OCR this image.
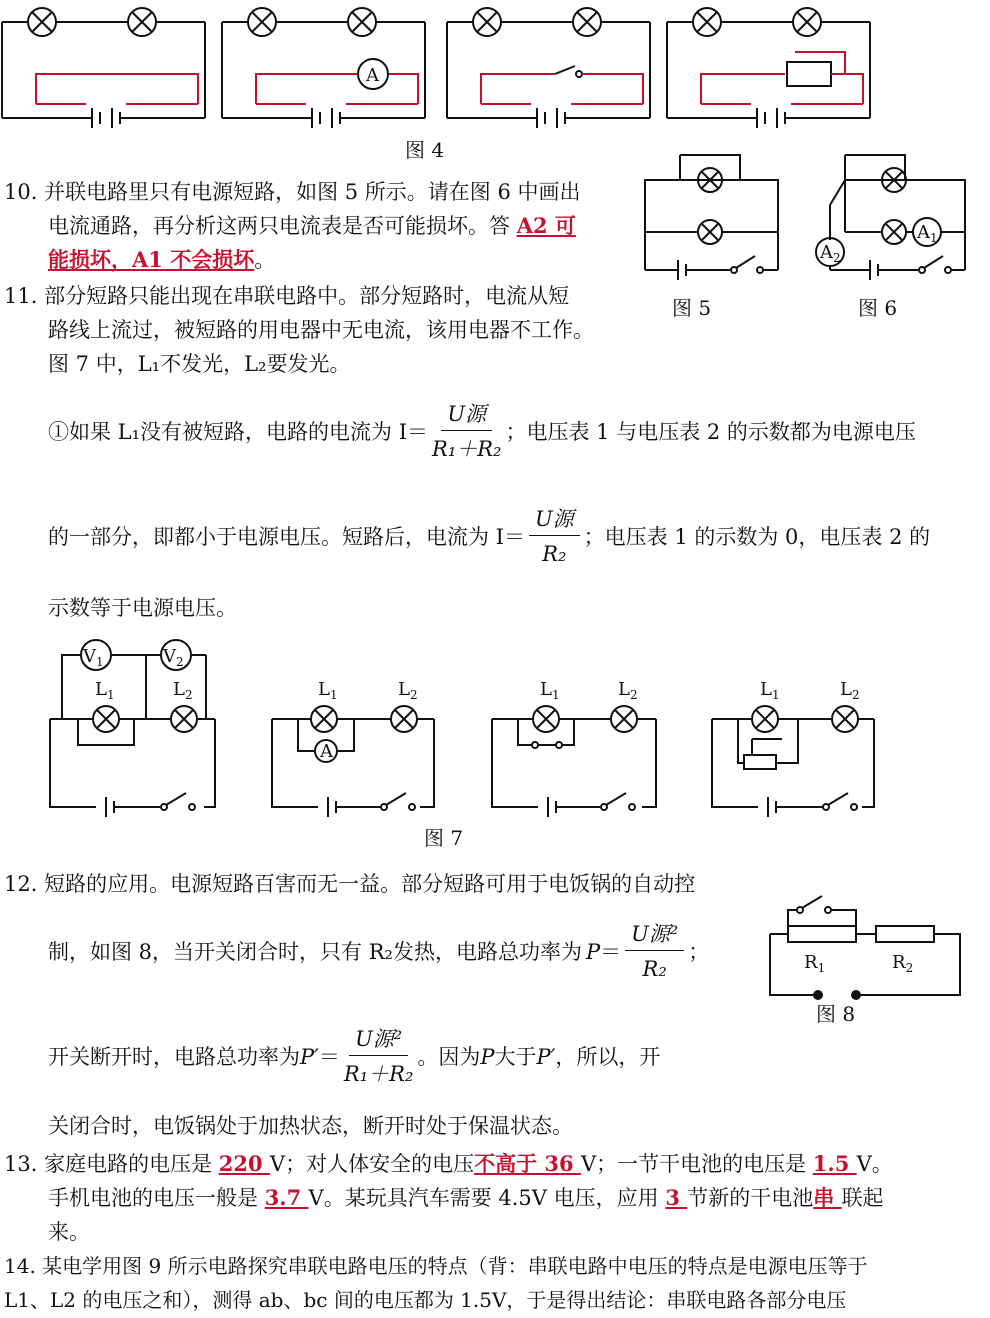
A
图 4
图 5
$A_1$
$A_2$
图 6
10. 并联电路里只有电源短路，如图 5 所示。请在图 6 中画出
电流通路，再分析这两只电流表是否可能损坏。答 A2 可
能损坏，A1 不会损坏。
11. 部分短路只能出现在串联电路中。部分短路时，电流从短
路线上流过，被短路的用电器中无电流，该用电器不工作。
图 7 中，L₁不发光，L₂要发光。
①如果 L₁没有被短路，电路的电流为 $I= \frac{\text{U源}}{\text{R₁＋R₂}}$ ；电压表 1 与电压表 2 的示数都为电源电压
的一部分，即都小于电源电压。短路后，电流为 $I= \frac{\text{U源}}{\text{R₂}}$ ；电压表 1 的示数为 0，电压表 2 的
示数等于电源电压。
$V_1$	$V_2$
$L_1$	$L_2$	$L_1$	$L_2$
A
$L_1$	$L_2$	$L_1$	$L_2$
图 7
12. 短路的应用。电源短路百害而无一益。部分短路可用于电饭锅的自动控
制，如图 8，当开关闭合时，只有 R₂发热，电路总功率为 $P = \frac{\text{U源²}}{\text{R₂}}$ ；
开关断开时，电路总功率为 $P' = \frac{\text{U源²}}{\text{R₁＋R₂}}$ 。因为 P 大于 P′ ，所以，开
关闭合时，电饭锅处于加热状态，断开时处于保温状态。
$R_1$	$R_2$
图 8
13. 家庭电路的电压是 220 V；对人体安全的电压不高于 36 V；一节干电池的电压是 1.5 V。
手机电池的电压一般是 3.7 V。某玩具汽车需要 4.5V 电压，应用 3 节新的干电池串 联起
来。
14. 某电学用图 9 所示电路探究串联电路电压的特点（背：串联电路中电压的特点是电源电压等于
L1、L2 的电压之和），测得 ab、bc 间的电压都为 1.5V，于是得出结论：串联电路各部分电压
